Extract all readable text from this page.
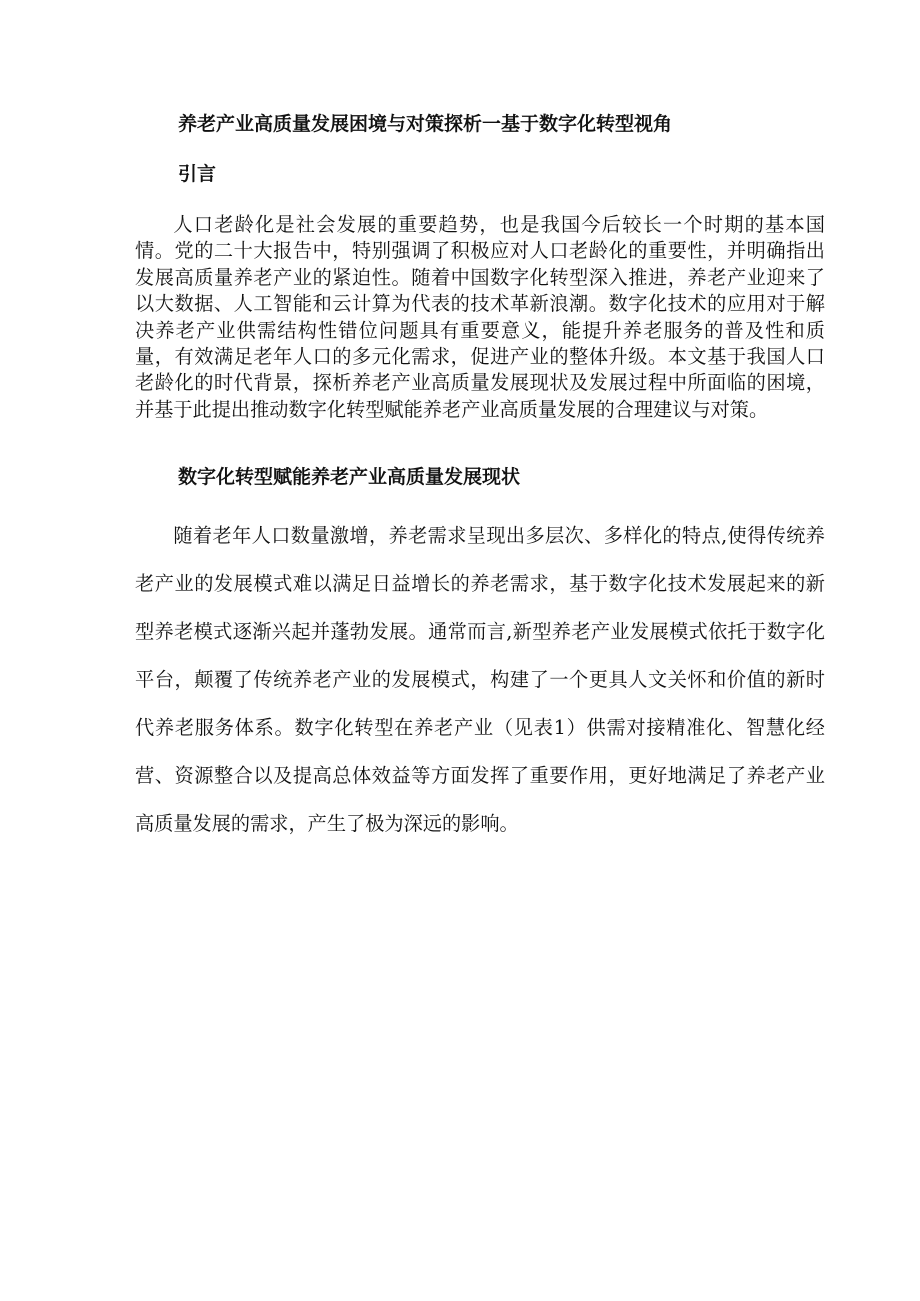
养老产业高质量发展困境与对策探析一基于数字化转型视角
引言

人口老龄化是社会发展的重要趋势，也是我国今后较长一个时期的基本国情。党的二十大报告中，特别强调了积极应对人口老龄化的重要性，并明确指出发展高质量养老产业的紧迫性。随着中国数字化转型深入推进，养老产业迎来了以大数据、人工智能和云计算为代表的技术革新浪潮。数字化技术的应用对于解决养老产业供需结构性错位问题具有重要意义，能提升养老服务的普及性和质量，有效满足老年人口的多元化需求，促进产业的整体升级。本文基于我国人口老龄化的时代背景，探析养老产业高质量发展现状及发展过程中所面临的困境，并基于此提出推动数字化转型赋能养老产业高质量发展的合理建议与对策。

数字化转型赋能养老产业高质量发展现状

随着老年人口数量激增，养老需求呈现出多层次、多样化的特点,使得传统养老产业的发展模式难以满足日益增长的养老需求，基于数字化技术发展起来的新型养老模式逐渐兴起并蓬勃发展。通常而言,新型养老产业发展模式依托于数字化平台，颠覆了传统养老产业的发展模式，构建了一个更具人文关怀和价值的新时代养老服务体系。数字化转型在养老产业（见表1）供需对接精准化、智慧化经营、资源整合以及提高总体效益等方面发挥了重要作用，更好地满足了养老产业高质量发展的需求，产生了极为深远的影响。
